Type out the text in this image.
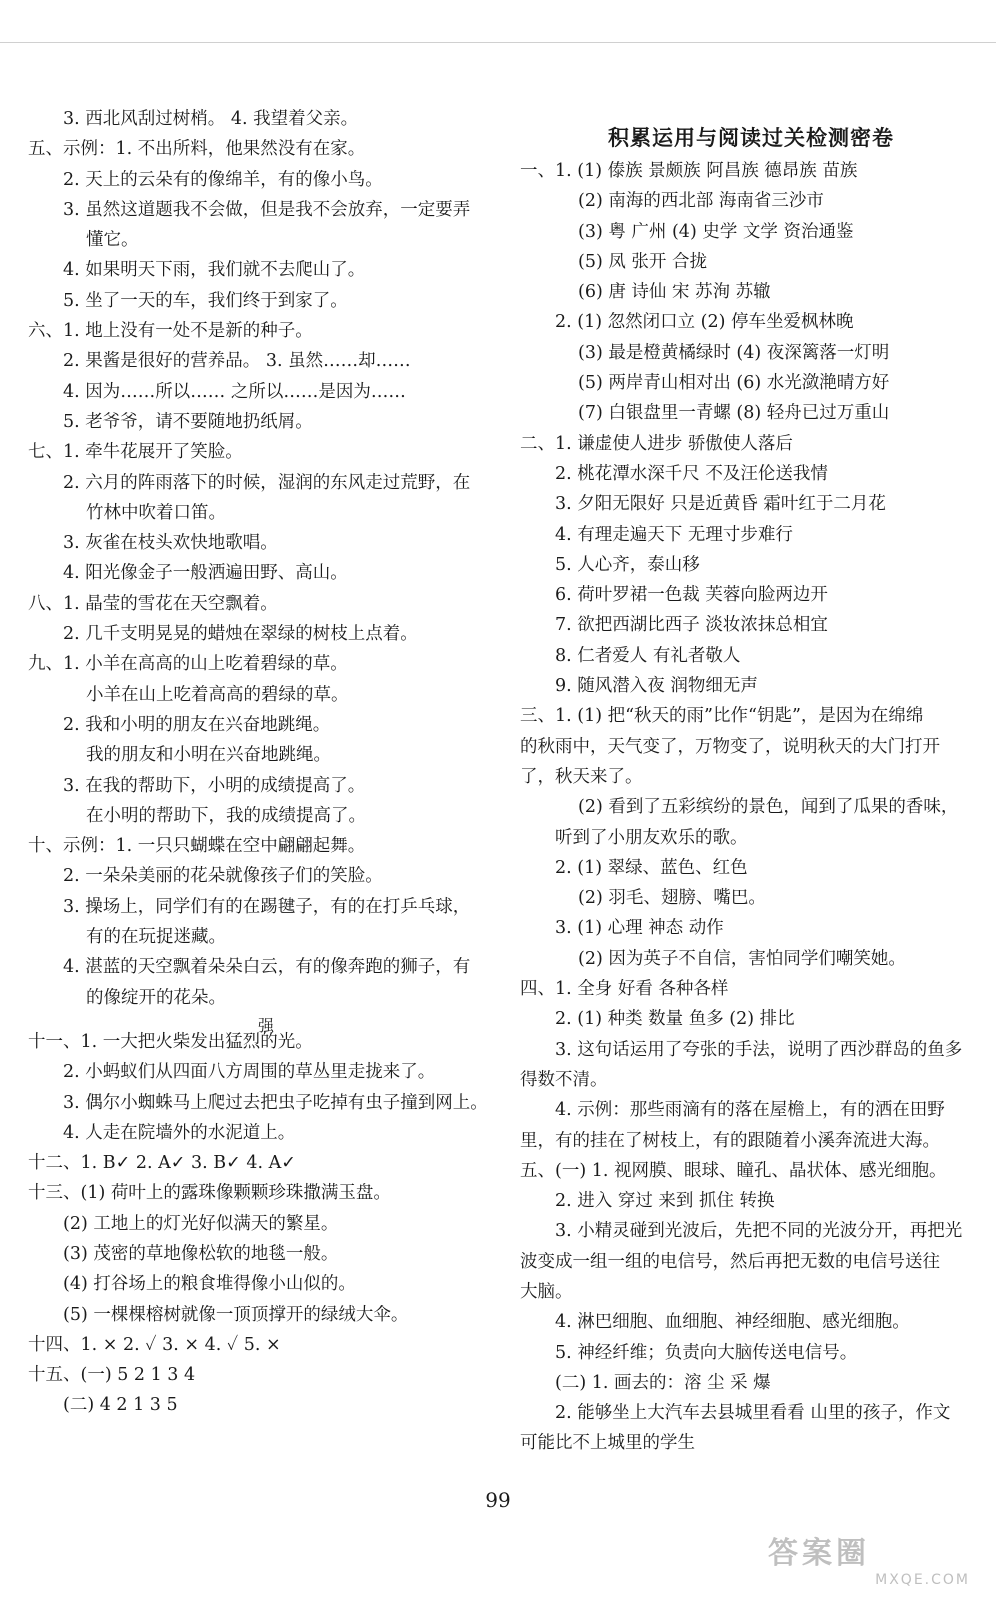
3. 西北风刮过树梢。 4. 我望着父亲。
五、示例：1. 不出所料，他果然没有在家。
2. 天上的云朵有的像绵羊，有的像小鸟。
3. 虽然这道题我不会做，但是我不会放弃，一定要弄
懂它。
4. 如果明天下雨，我们就不去爬山了。
5. 坐了一天的车，我们终于到家了。
六、1. 地上没有一处不是新的种子。
2. 果酱是很好的营养品。 3. 虽然……却……
4. 因为……所以…… 之所以……是因为……
5. 老爷爷，请不要随地扔纸屑。
七、1. 牵牛花展开了笑脸。
2. 六月的阵雨落下的时候，湿润的东风走过荒野，在
竹林中吹着口笛。
3. 灰雀在枝头欢快地歌唱。
4. 阳光像金子一般洒遍田野、高山。
八、1. 晶莹的雪花在天空飘着。
2. 几千支明晃晃的蜡烛在翠绿的树枝上点着。
九、1. 小羊在高高的山上吃着碧绿的草。
小羊在山上吃着高高的碧绿的草。
2. 我和小明的朋友在兴奋地跳绳。
我的朋友和小明在兴奋地跳绳。
3. 在我的帮助下，小明的成绩提高了。
在小明的帮助下，我的成绩提高了。
十、示例：1. 一只只蝴蝶在空中翩翩起舞。
2. 一朵朵美丽的花朵就像孩子们的笑脸。
3. 操场上，同学们有的在踢毽子，有的在打乒乓球，
有的在玩捉迷藏。
4. 湛蓝的天空飘着朵朵白云，有的像奔跑的狮子，有
的像绽开的花朵。
十一、1. 一大把火柴发出猛烈的光。
2. 小蚂蚁们从四面八方周围的草丛里走拢来了。
3. 偶尔小蜘蛛马上爬过去把虫子吃掉有虫子撞到网上。
4. 人走在院墙外的水泥道上。
十二、1. B✓ 2. A✓ 3. B✓ 4. A✓
十三、(1) 荷叶上的露珠像颗颗珍珠撒满玉盘。
(2) 工地上的灯光好似满天的繁星。
(3) 茂密的草地像松软的地毯一般。
(4) 打谷场上的粮食堆得像小山似的。
(5) 一棵棵榕树就像一顶顶撑开的绿绒大伞。
十四、1. × 2. ✓ 3. × 4. ✓ 5. ×
十五、(一) 5 2 1 3 4
(二) 4 2 1 3 5
强
积累运用与阅读过关检测密卷
一、1. (1) 傣族 景颇族 阿昌族 德昂族 苗族
(2) 南海的西北部 海南省三沙市
(3) 粤 广州 (4) 史学 文学 资治通鉴
(5) 凤 张开 合拢
(6) 唐 诗仙 宋 苏洵 苏辙
2. (1) 忽然闭口立 (2) 停车坐爱枫林晚
(3) 最是橙黄橘绿时 (4) 夜深篱落一灯明
(5) 两岸青山相对出 (6) 水光潋滟晴方好
(7) 白银盘里一青螺 (8) 轻舟已过万重山
二、1. 谦虚使人进步 骄傲使人落后
2. 桃花潭水深千尺 不及汪伦送我情
3. 夕阳无限好 只是近黄昏 霜叶红于二月花
4. 有理走遍天下 无理寸步难行
5. 人心齐，泰山移
6. 荷叶罗裙一色裁 芙蓉向脸两边开
7. 欲把西湖比西子 淡妆浓抹总相宜
8. 仁者爱人 有礼者敬人
9. 随风潜入夜 润物细无声
三、1. (1) 把“秋天的雨”比作“钥匙”，是因为在绵绵
的秋雨中，天气变了，万物变了，说明秋天的大门打开
了，秋天来了。
(2) 看到了五彩缤纷的景色，闻到了瓜果的香味，
听到了小朋友欢乐的歌。
2. (1) 翠绿、蓝色、红色
(2) 羽毛、翅膀、嘴巴。
3. (1) 心理 神态 动作
(2) 因为英子不自信，害怕同学们嘲笑她。
四、1. 全身 好看 各种各样
2. (1) 种类 数量 鱼多 (2) 排比
3. 这句话运用了夸张的手法，说明了西沙群岛的鱼多
得数不清。
4. 示例：那些雨滴有的落在屋檐上，有的洒在田野
里，有的挂在了树枝上，有的跟随着小溪奔流进大海。
五、(一) 1. 视网膜、眼球、瞳孔、晶状体、感光细胞。
2. 进入 穿过 来到 抓住 转换
3. 小精灵碰到光波后，先把不同的光波分开，再把光
波变成一组一组的电信号，然后再把无数的电信号送往
大脑。
4. 淋巴细胞、血细胞、神经细胞、感光细胞。
5. 神经纤维；负责向大脑传送电信号。
(二) 1. 画去的：溶 尘 采 爆
2. 能够坐上大汽车去县城里看看 山里的孩子，作文
可能比不上城里的学生
99
答案圈
MXQE.COM
